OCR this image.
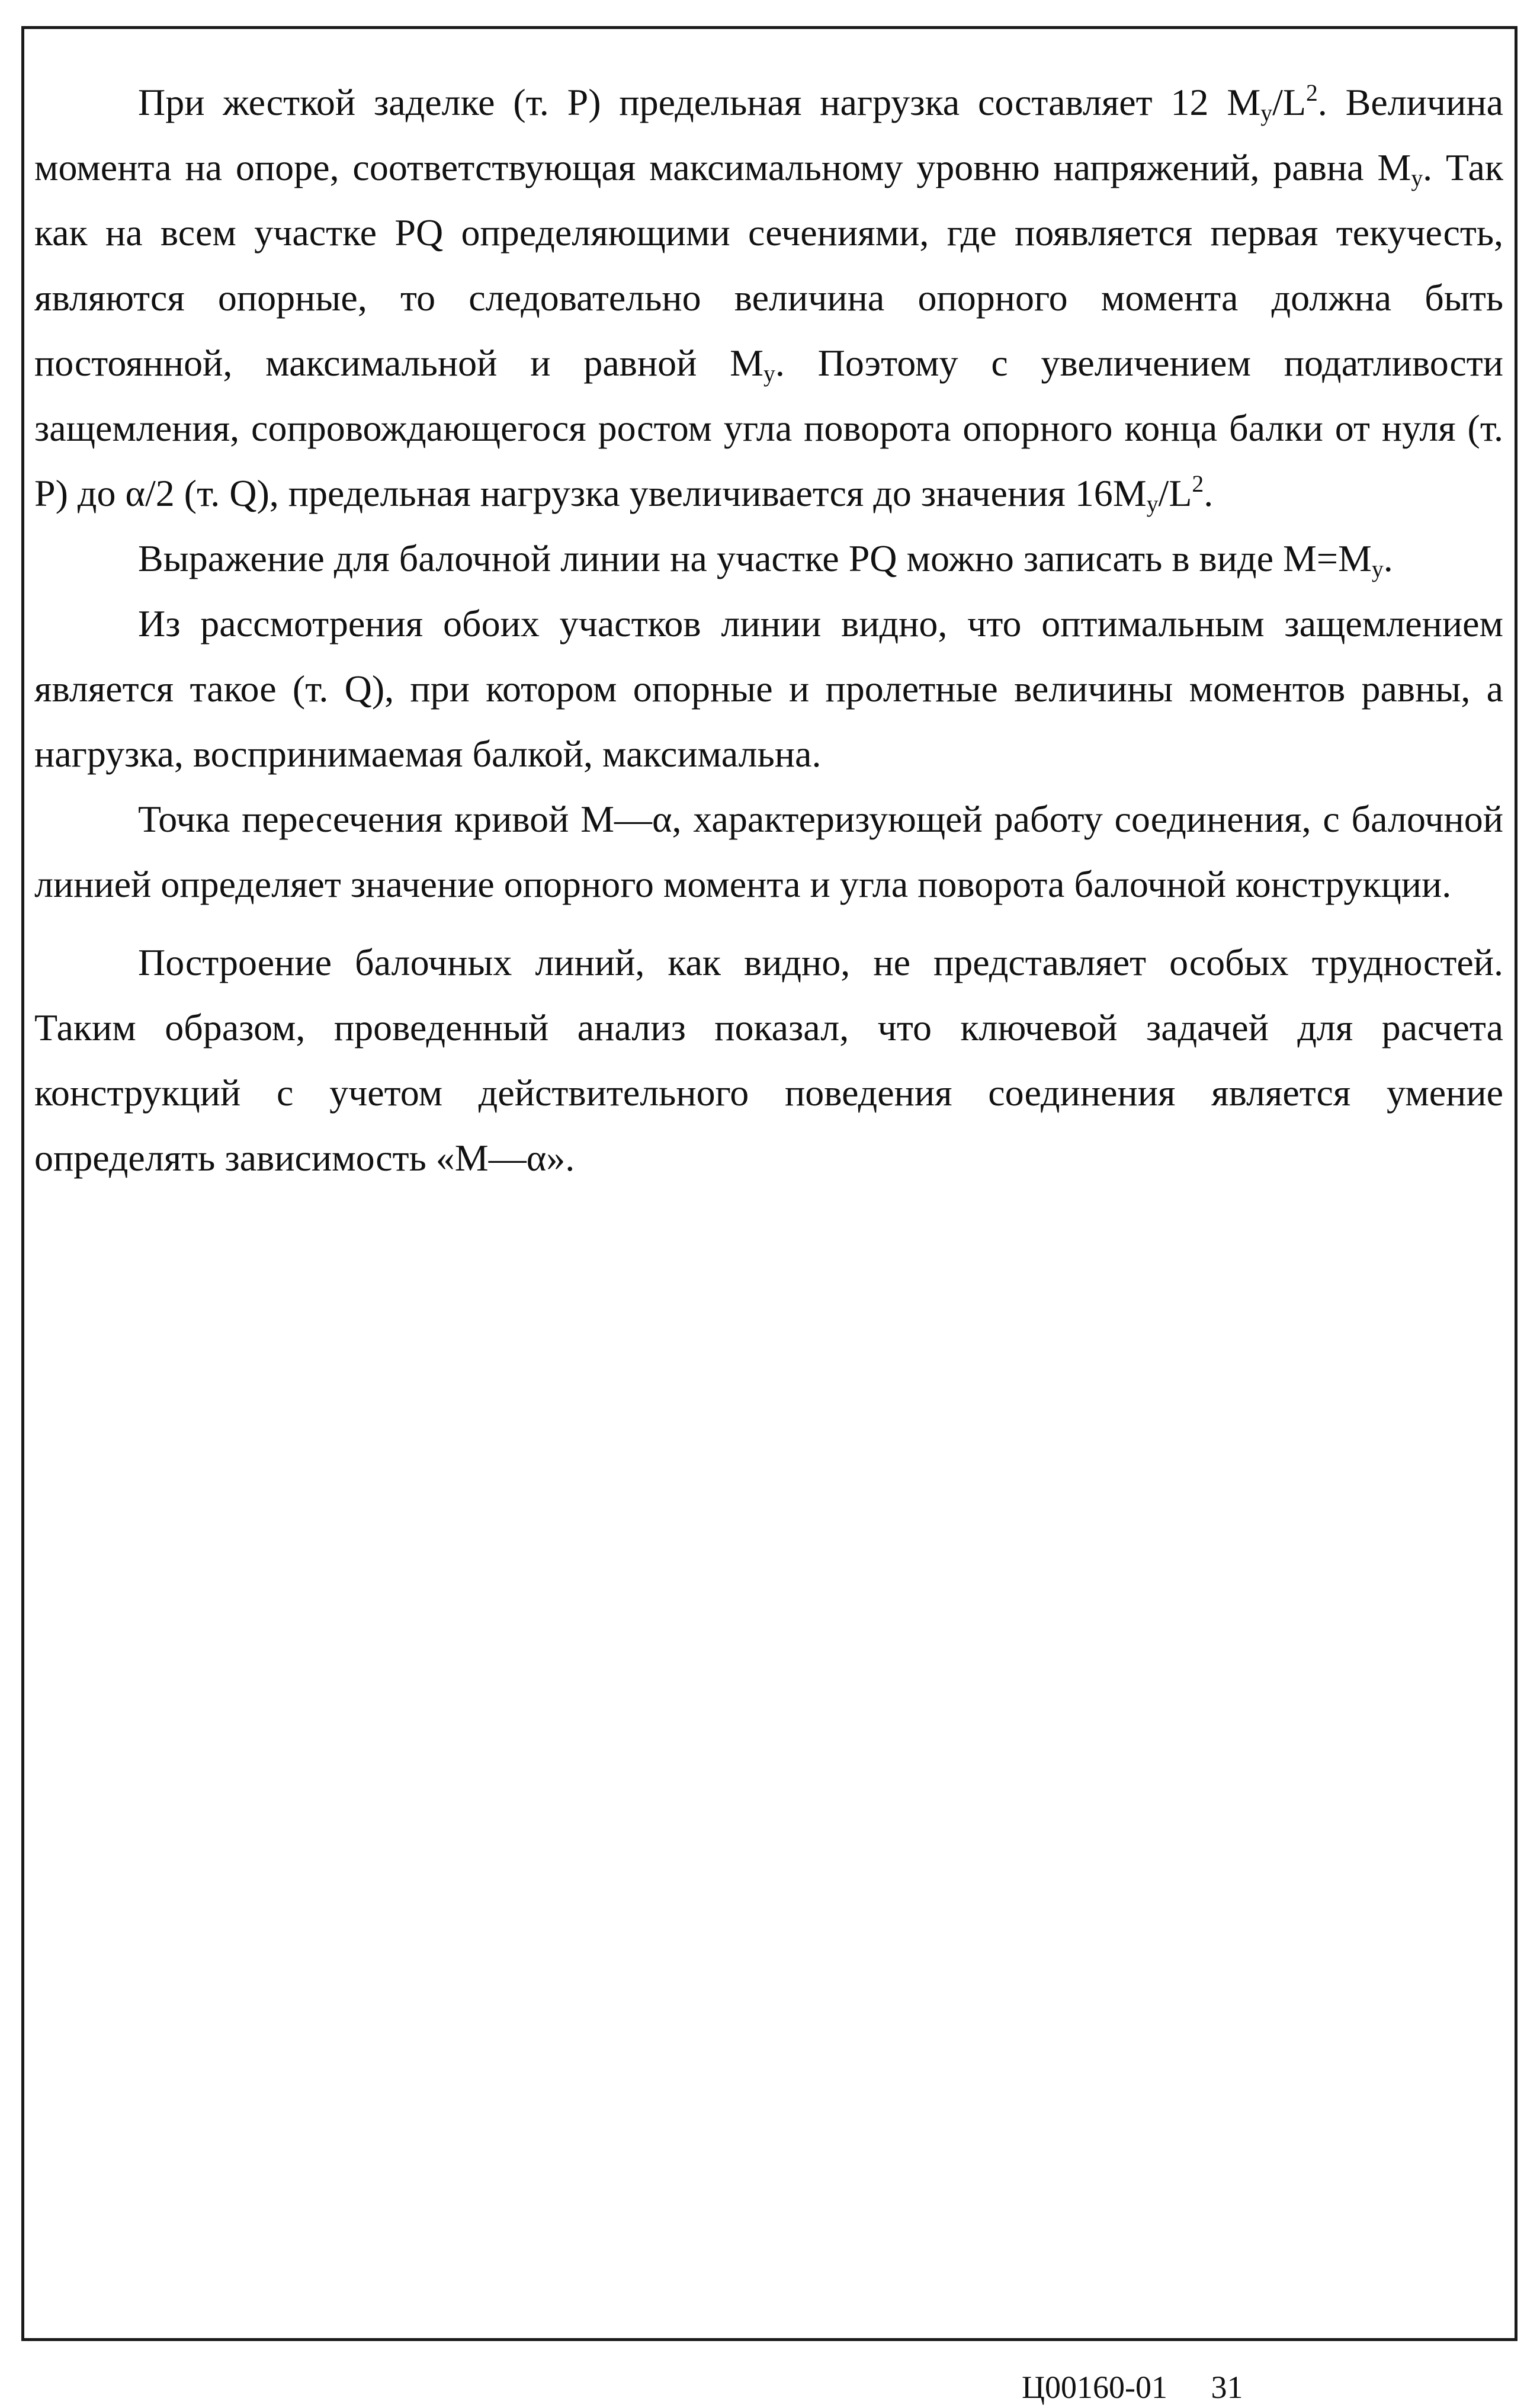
При жесткой заделке (т. Р) предельная нагрузка составляет 12 $M_y/L^2$. Величина момента на опоре, соответствующая максимальному уровню напряжений, равна $M_y$. Так как на всем участке PQ определяющими сечениями, где появляется первая текучесть, являются опорные, то следовательно величина опорного момента должна быть постоянной, максимальной и равной $M_y$. Поэтому с увеличением податливости защемления, сопровождающегося ростом угла поворота опорного конца балки от нуля (т. Р) до α/2 (т. Q), предельная нагрузка увеличивается до значения $16M_y/L^2$.

Выражение для балочной линии на участке PQ можно записать в виде $M=M_y$.

Из рассмотрения обоих участков линии видно, что оптимальным защемлением является такое (т. Q), при котором опорные и пролетные величины моментов равны, а нагрузка, воспринимаемая балкой, максимальна.

Точка пересечения кривой М—α, характеризующей работу соединения, с балочной линией определяет значение опорного момента и угла поворота балочной конструкции.

Построение балочных линий, как видно, не представляет особых трудностей. Таким образом, проведенный анализ показал, что ключевой задачей для расчета конструкций с учетом действительного поведения соединения является умение определять зависимость «М—α».

Ц00160-01 31
